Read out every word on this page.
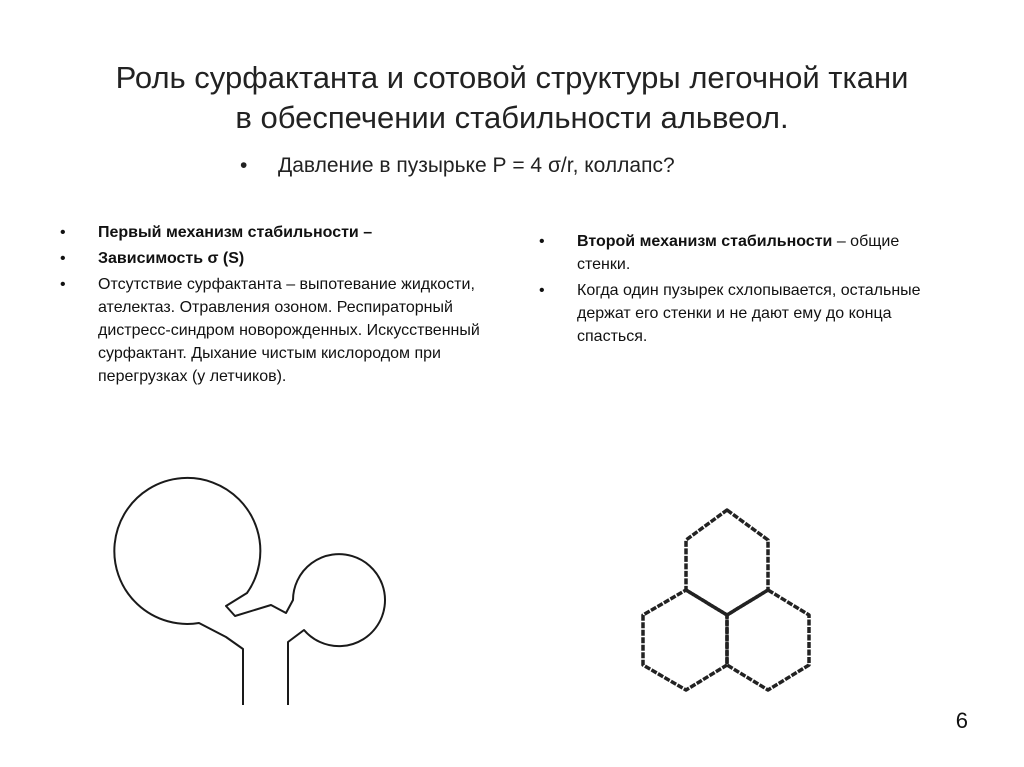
Роль сурфактанта и сотовой структуры легочной ткани
в обеспечении стабильности альвеол.
• Давление в пузырьке Р = 4 σ/r, коллапс?
• Первый механизм стабильности –
• Зависимость σ (S)
• Отсутствие сурфактанта – выпотевание жидкости, ателектаз. Отравления озоном. Респираторный дистресс-синдром новорожденных. Искусственный сурфактант. Дыхание чистым кислородом при перегрузках (у летчиков).
• Второй механизм стабильности – общие стенки.
• Когда один пузырек схлопывается, остальные держат его стенки и не дают ему до конца спасться.
6
